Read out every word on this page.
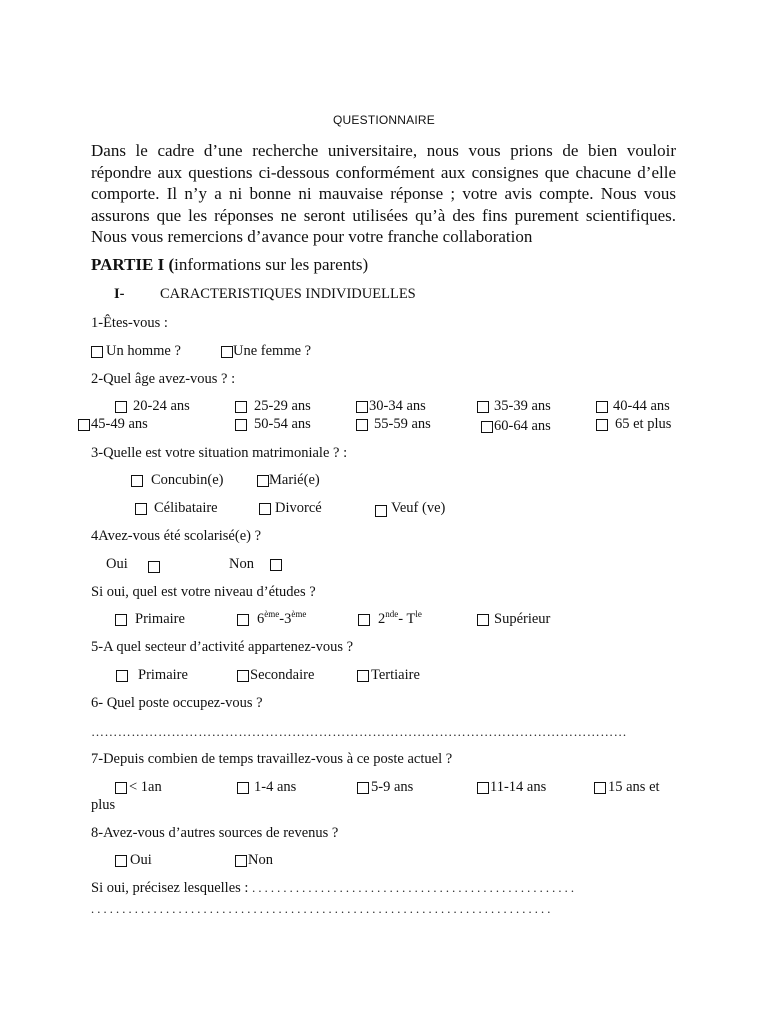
QUESTIONNAIRE
Dans le cadre d’une recherche universitaire, nous vous prions de bien vouloir répondre aux questions ci-dessous conformément aux consignes que chacune d’elle comporte. Il n’y a ni bonne ni mauvaise réponse ; votre avis compte. Nous vous assurons que les réponses ne seront utilisées qu’à des fins purement scientifiques. Nous vous remercions d’avance pour votre franche collaboration
PARTIE I (informations sur les parents)
I- CARACTERISTIQUES INDIVIDUELLES
1-Êtes-vous :
Un homme ?	Une femme ?
2-Quel âge avez-vous ? :
20-24 ans	25-29 ans	30-34 ans	35-39 ans	40-44 ans
45-49 ans	50-54 ans	55-59 ans	60-64 ans	65 et plus
3-Quelle est votre situation matrimoniale ? :
Concubin(e)	Marié(e)
Célibataire	Divorcé	Veuf (ve)
4Avez-vous été scolarisé(e) ?
Oui	Non
Si oui, quel est votre niveau d’études ?
Primaire	6ème-3ème	2nde- $T^{le}$	Supérieur
5-A quel secteur d’activité appartenez-vous ?
Primaire	Secondaire	Tertiaire
6- Quel poste occupez-vous ?
…………………………………………………………………………………………………………
7-Depuis combien de temps travaillez-vous à ce poste actuel ?
< 1an	1-4 ans	5-9 ans	11-14 ans	15 ans et
plus
8-Avez-vous d’autres sources de revenus ?
Oui	Non
Si oui, précisez lesquelles : . . . . . . . . . . . . . . . . . . . . . . . . . . . . . . . . . . . . . . . . . . . . . . . . . . . .
. . . . . . . . . . . . . . . . . . . . . . . . . . . . . . . . . . . . . . . . . . . . . . . . . . . . . . . . . . . . . . . . . . . . . . . . . .
